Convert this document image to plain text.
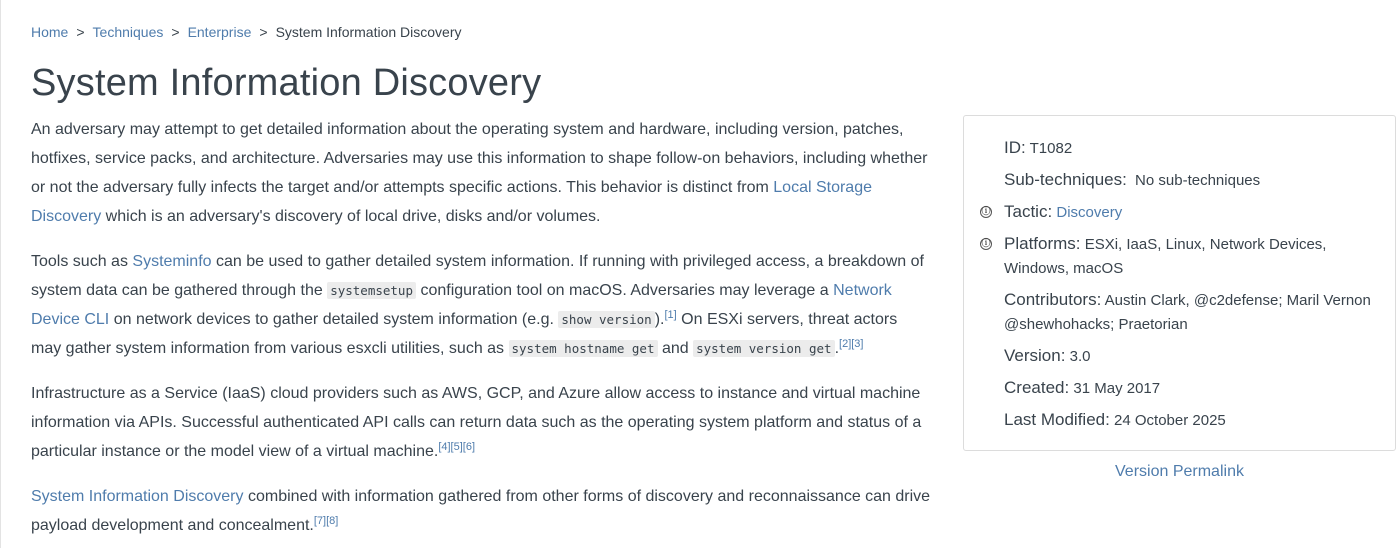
Home > Techniques > Enterprise > System Information Discovery
System Information Discovery

An adversary may attempt to get detailed information about the operating system and hardware, including version, patches, hotfixes, service packs, and architecture. Adversaries may use this information to shape follow-on behaviors, including whether or not the adversary fully infects the target and/or attempts specific actions. This behavior is distinct from Local Storage Discovery which is an adversary's discovery of local drive, disks and/or volumes.

Tools such as Systeminfo can be used to gather detailed system information. If running with privileged access, a breakdown of system data can be gathered through the systemsetup configuration tool on macOS. Adversaries may leverage a Network Device CLI on network devices to gather detailed system information (e.g. show version ).[1] On ESXi servers, threat actors may gather system information from various esxcli utilities, such as system hostname get and system version get .[2][3]

Infrastructure as a Service (IaaS) cloud providers such as AWS, GCP, and Azure allow access to instance and virtual machine information via APIs. Successful authenticated API calls can return data such as the operating system platform and status of a particular instance or the model view of a virtual machine.[4][5][6]

System Information Discovery combined with information gathered from other forms of discovery and reconnaissance can drive payload development and concealment.[7][8]

ID: T1082
Sub-techniques: No sub-techniques
ⓘ Tactic: Discovery
ⓘ Platforms: ESXi, IaaS, Linux, Network Devices, Windows, macOS
Contributors: Austin Clark, @c2defense; Maril Vernon @shewhohacks; Praetorian
Version: 3.0
Created: 31 May 2017
Last Modified: 24 October 2025
Version Permalink
